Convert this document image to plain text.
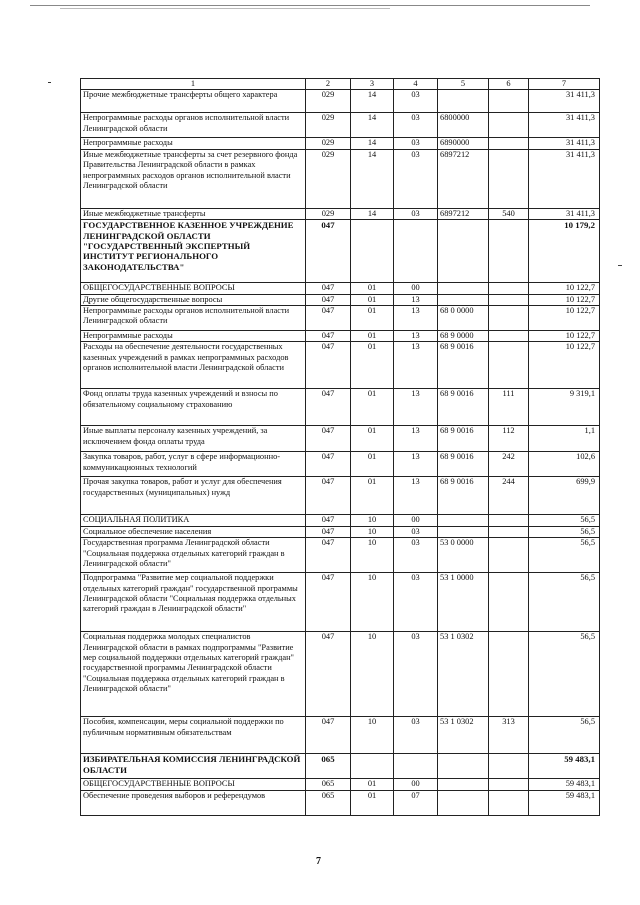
1	2	3	4	5	6	7
Прочие межбюджетные трансферты общего характера	029	14	03			31 411,3
Непрограммные расходы органов исполнительной власти Ленинградской области	029	14	03	6800000		31 411,3
Непрограммные расходы	029	14	03	6890000		31 411,3
Иные межбюджетные трансферты за счет резервного фонда Правительства Ленинградской области в рамках непрограммных расходов органов исполнительной власти Ленинградской области	029	14	03	6897212		31 411,3
Иные межбюджетные трансферты	029	14	03	6897212	540	31 411,3
ГОСУДАРСТВЕННОЕ КАЗЕННОЕ УЧРЕЖДЕНИЕ ЛЕНИНГРАДСКОЙ ОБЛАСТИ "ГОСУДАРСТВЕННЫЙ ЭКСПЕРТНЫЙ ИНСТИТУТ РЕГИОНАЛЬНОГО ЗАКОНОДАТЕЛЬСТВА"	047					10 179,2
ОБЩЕГОСУДАРСТВЕННЫЕ ВОПРОСЫ	047	01	00			10 122,7
Другие общегосударственные вопросы	047	01	13			10 122,7
Непрограммные расходы органов исполнительной власти Ленинградской области	047	01	13	68 0 0000		10 122,7
Непрограммные расходы	047	01	13	68 9 0000		10 122,7
Расходы на обеспечение деятельности государственных казенных учреждений в рамках непрограммных расходов органов исполнительной власти Ленинградской области	047	01	13	68 9 0016		10 122,7
Фонд оплаты труда казенных учреждений и взносы по обязательному социальному страхованию	047	01	13	68 9 0016	111	9 319,1
Иные выплаты персоналу казенных учреждений, за исключением фонда оплаты труда	047	01	13	68 9 0016	112	1,1
Закупка товаров, работ, услуг в сфере информационно-коммуникационных технологий	047	01	13	68 9 0016	242	102,6
Прочая закупка товаров, работ и услуг для обеспечения государственных (муниципальных) нужд	047	01	13	68 9 0016	244	699,9
СОЦИАЛЬНАЯ ПОЛИТИКА	047	10	00			56,5
Социальное обеспечение населения	047	10	03			56,5
Государственная программа Ленинградской области "Социальная поддержка отдельных категорий граждан в Ленинградской области"	047	10	03	53 0 0000		56,5
Подпрограмма "Развитие мер социальной поддержки отдельных категорий граждан" государственной программы Ленинградской области "Социальная поддержка отдельных категорий граждан в Ленинградской области"	047	10	03	53 1 0000		56,5
Социальная поддержка молодых специалистов Ленинградской области в рамках подпрограммы "Развитие мер социальной поддержки отдельных категорий граждан" государственной программы Ленинградской области "Социальная поддержка отдельных категорий граждан в Ленинградской области"	047	10	03	53 1 0302		56,5
Пособия, компенсации, меры социальной поддержки по публичным нормативным обязательствам	047	10	03	53 1 0302	313	56,5
ИЗБИРАТЕЛЬНАЯ КОМИССИЯ ЛЕНИНГРАДСКОЙ ОБЛАСТИ	065					59 483,1
ОБЩЕГОСУДАРСТВЕННЫЕ ВОПРОСЫ	065	01	00			59 483,1
Обеспечение проведения выборов и референдумов	065	01	07			59 483,1
7
